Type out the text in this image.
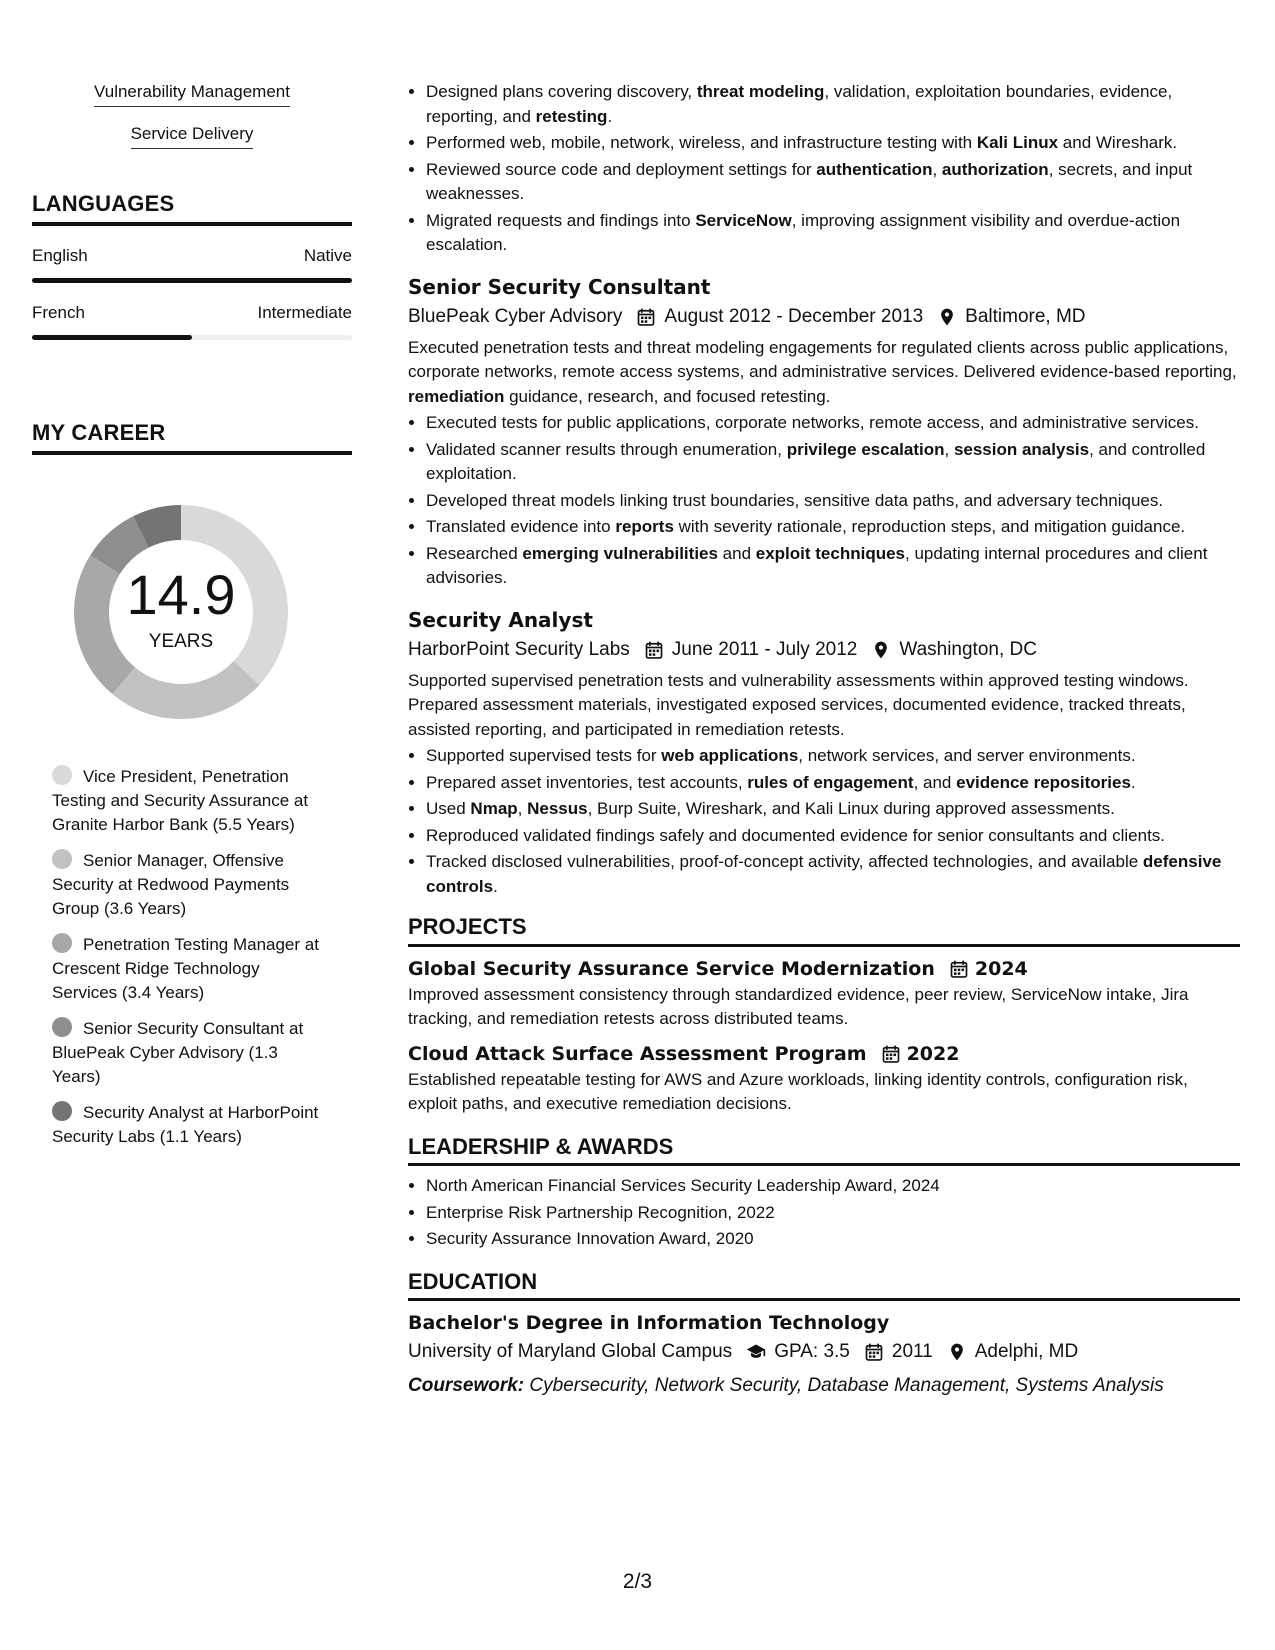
Vulnerability Management
Service Delivery
LANGUAGES
English	Native
French	Intermediate
MY CAREER
14.9
YEARS
Vice President, Penetration Testing and Security Assurance at Granite Harbor Bank (5.5 Years)
Senior Manager, Offensive Security at Redwood Payments Group (3.6 Years)
Penetration Testing Manager at Crescent Ridge Technology Services (3.4 Years)
Senior Security Consultant at BluePeak Cyber Advisory (1.3 Years)
Security Analyst at HarborPoint Security Labs (1.1 Years)
• Designed plans covering discovery, threat modeling, validation, exploitation boundaries, evidence, reporting, and retesting.
• Performed web, mobile, network, wireless, and infrastructure testing with Kali Linux and Wireshark.
• Reviewed source code and deployment settings for authentication, authorization, secrets, and input weaknesses.
• Migrated requests and findings into ServiceNow, improving assignment visibility and overdue-action escalation.
Senior Security Consultant
BluePeak Cyber Advisory August 2012 - December 2013 Baltimore, MD
Executed penetration tests and threat modeling engagements for regulated clients across public applications, corporate networks, remote access systems, and administrative services. Delivered evidence-based reporting, remediation guidance, research, and focused retesting.
• Executed tests for public applications, corporate networks, remote access, and administrative services.
• Validated scanner results through enumeration, privilege escalation, session analysis, and controlled exploitation.
• Developed threat models linking trust boundaries, sensitive data paths, and adversary techniques.
• Translated evidence into reports with severity rationale, reproduction steps, and mitigation guidance.
• Researched emerging vulnerabilities and exploit techniques, updating internal procedures and client advisories.
Security Analyst
HarborPoint Security Labs June 2011 - July 2012 Washington, DC
Supported supervised penetration tests and vulnerability assessments within approved testing windows. Prepared assessment materials, investigated exposed services, documented evidence, tracked threats, assisted reporting, and participated in remediation retests.
• Supported supervised tests for web applications, network services, and server environments.
• Prepared asset inventories, test accounts, rules of engagement, and evidence repositories.
• Used Nmap, Nessus, Burp Suite, Wireshark, and Kali Linux during approved assessments.
• Reproduced validated findings safely and documented evidence for senior consultants and clients.
• Tracked disclosed vulnerabilities, proof-of-concept activity, affected technologies, and available defensive controls.
PROJECTS
Global Security Assurance Service Modernization 2024
Improved assessment consistency through standardized evidence, peer review, ServiceNow intake, Jira tracking, and remediation retests across distributed teams.
Cloud Attack Surface Assessment Program 2022
Established repeatable testing for AWS and Azure workloads, linking identity controls, configuration risk, exploit paths, and executive remediation decisions.
LEADERSHIP & AWARDS
• North American Financial Services Security Leadership Award, 2024
• Enterprise Risk Partnership Recognition, 2022
• Security Assurance Innovation Award, 2020
EDUCATION
Bachelor's Degree in Information Technology
University of Maryland Global Campus GPA: 3.5 2011 Adelphi, MD
Coursework: Cybersecurity, Network Security, Database Management, Systems Analysis
2/3
